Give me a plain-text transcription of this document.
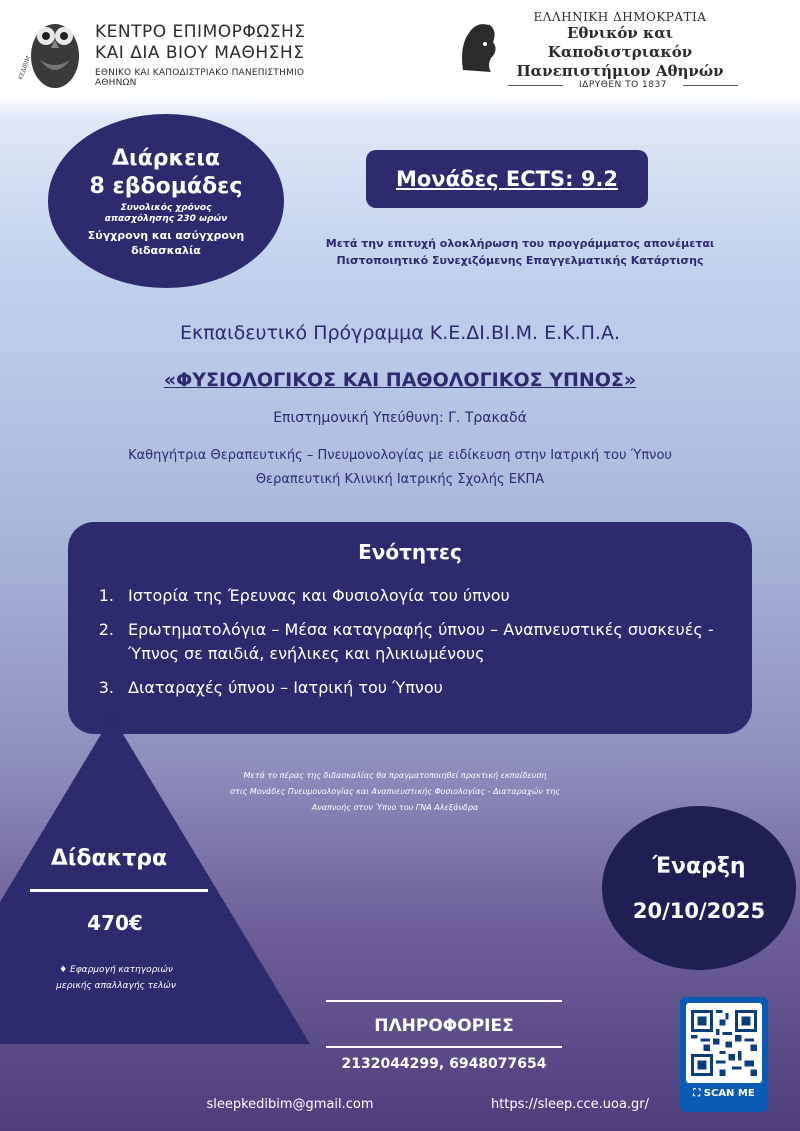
ΚΕΔΙΒΙΜ
ΚΕΝΤΡΟ ΕΠΙΜΟΡΦΩΣΗΣ
ΚΑΙ ΔΙΑ ΒΙΟΥ ΜΑΘΗΣΗΣ
ΕΘΝΙΚΟ ΚΑΙ ΚΑΠΟΔΙΣΤΡΙΑΚΟ ΠΑΝΕΠΙΣΤΗΜΙΟ ΑΘΗΝΩΝ
ΕΛΛΗΝΙΚΗ ΔΗΜΟΚΡΑΤΙΑ
Εθνικόν και Καποδιστριακόν
Πανεπιστήμιον Αθηνών
ΙΔΡΥΘΕΝ ΤΟ 1837
Διάρκεια
8 εβδομάδες
Συνολικός χρόνος απασχόλησης 230 ωρών
Σύγχρονη και ασύγχρονη διδασκαλία
Μονάδες ECTS: 9.2
Μετά την επιτυχή ολοκλήρωση του προγράμματος απονέμεται
Πιστοποιητικό Συνεχιζόμενης Επαγγελματικής Κατάρτισης
Εκπαιδευτικό Πρόγραμμα Κ.Ε.ΔΙ.ΒΙ.Μ. Ε.Κ.Π.Α.
«ΦΥΣΙΟΛΟΓΙΚΟΣ ΚΑΙ ΠΑΘΟΛΟΓΙΚΟΣ ΥΠΝΟΣ»
Επιστημονική Υπεύθυνη: Γ. Τρακαδά
Καθηγήτρια Θεραπευτικής – Πνευμονολογίας με ειδίκευση στην Ιατρική του Ύπνου
Θεραπευτική Κλινική Ιατρικής Σχολής ΕΚΠΑ
Ενότητες
1. Ιστορία της Έρευνας και Φυσιολογία του ύπνου
2. Ερωτηματολόγια – Μέσα καταγραφής ύπνου – Αναπνευστικές συσκευές - Ύπνος σε παιδιά, ενήλικες και ηλικιωμένους
3. Διαταραχές ύπνου – Ιατρική του Ύπνου
Δίδακτρα
470€
♦ Εφαρμογή κατηγοριών
μερικής απαλλαγής τελών
Μετά το πέρας της διδασκαλίας θα πραγματοποιηθεί πρακτική εκπαίδευση
στις Μονάδες Πνευμονολογίας και Αναπνευστικής Φυσιολογίας - Διαταραχών της
Αναπνοής στον Ύπνο του ΓΝΑ Αλεξάνδρα
Έναρξη
20/10/2025
ΠΛΗΡΟΦΟΡΙΕΣ
2132044299, 6948077654
sleepkedibim@gmail.com	https://sleep.cce.uoa.gr/
⛶ SCAN ME
